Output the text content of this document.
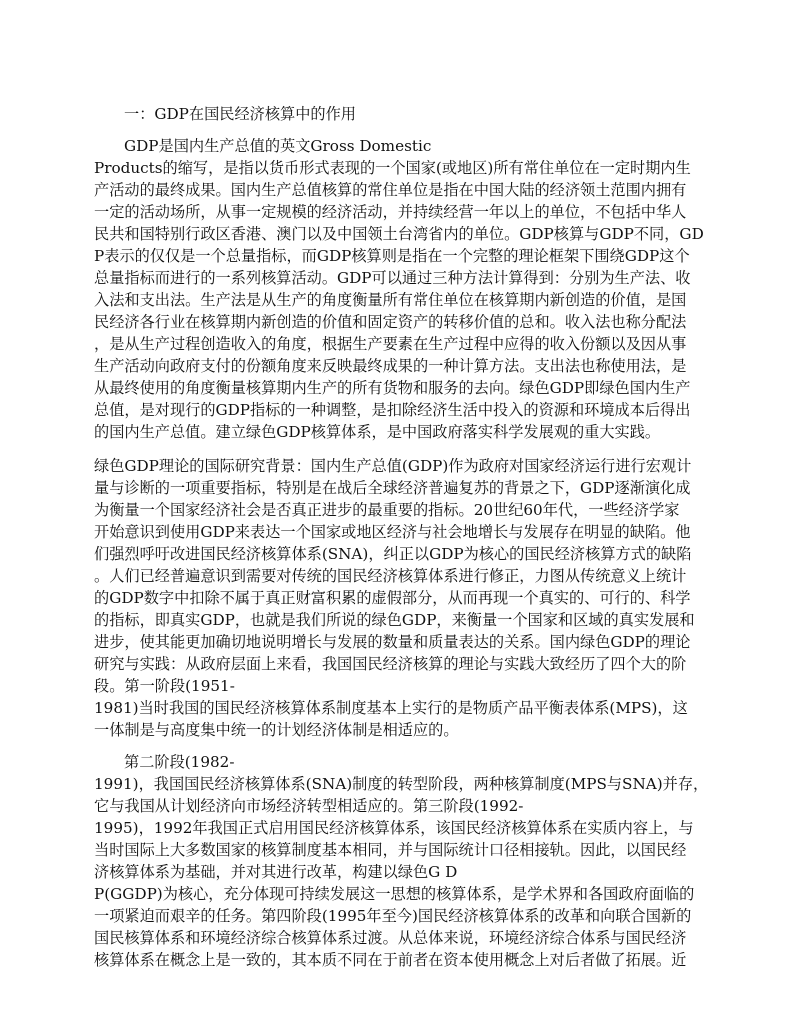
一：GDP在国民经济核算中的作用
GDP是国内生产总值的英文Gross Domestic
Products的缩写，是指以货币形式表现的一个国家(或地区)所有常住单位在一定时期内生
产活动的最终成果。国内生产总值核算的常住单位是指在中国大陆的经济领土范围内拥有
一定的活动场所，从事一定规模的经济活动，并持续经营一年以上的单位，不包括中华人
民共和国特别行政区香港、澳门以及中国领土台湾省内的单位。GDP核算与GDP不同，GD
P表示的仅仅是一个总量指标，而GDP核算则是指在一个完整的理论框架下围绕GDP这个
总量指标而进行的一系列核算活动。GDP可以通过三种方法计算得到：分别为生产法、收
入法和支出法。生产法是从生产的角度衡量所有常住单位在核算期内新创造的价值，是国
民经济各行业在核算期内新创造的价值和固定资产的转移价值的总和。收入法也称分配法
，是从生产过程创造收入的角度，根据生产要素在生产过程中应得的收入份额以及因从事
生产活动向政府支付的份额角度来反映最终成果的一种计算方法。支出法也称使用法，是
从最终使用的角度衡量核算期内生产的所有货物和服务的去向。绿色GDP即绿色国内生产
总值，是对现行的GDP指标的一种调整，是扣除经济生活中投入的资源和环境成本后得出
的国内生产总值。建立绿色GDP核算体系，是中国政府落实科学发展观的重大实践。
绿色GDP理论的国际研究背景：国内生产总值(GDP)作为政府对国家经济运行进行宏观计
量与诊断的一项重要指标，特别是在战后全球经济普遍复苏的背景之下，GDP逐渐演化成
为衡量一个国家经济社会是否真正进步的最重要的指标。20世纪60年代，一些经济学家
开始意识到使用GDP来表达一个国家或地区经济与社会地增长与发展存在明显的缺陷。他
们强烈呼吁改进国民经济核算体系(SNA)，纠正以GDP为核心的国民经济核算方式的缺陷
。人们已经普遍意识到需要对传统的国民经济核算体系进行修正，力图从传统意义上统计
的GDP数字中扣除不属于真正财富积累的虚假部分，从而再现一个真实的、可行的、科学
的指标，即真实GDP，也就是我们所说的绿色GDP，来衡量一个国家和区域的真实发展和
进步，使其能更加确切地说明增长与发展的数量和质量表达的关系。国内绿色GDP的理论
研究与实践：从政府层面上来看，我国国民经济核算的理论与实践大致经历了四个大的阶
段。第一阶段(1951-
1981)当时我国的国民经济核算体系制度基本上实行的是物质产品平衡表体系(MPS)，这
一体制是与高度集中统一的计划经济体制是相适应的。
第二阶段(1982-
1991)，我国国民经济核算体系(SNA)制度的转型阶段，两种核算制度(MPS与SNA)并存，
它与我国从计划经济向市场经济转型相适应的。第三阶段(1992-
1995)，1992年我国正式启用国民经济核算体系，该国民经济核算体系在实质内容上，与
当时国际上大多数国家的核算制度基本相同，并与国际统计口径相接轨。因此，以国民经
济核算体系为基础，并对其进行改革，构建以绿色G D
P(GGDP)为核心，充分体现可持续发展这一思想的核算体系，是学术界和各国政府面临的
一项紧迫而艰辛的任务。第四阶段(1995年至今)国民经济核算体系的改革和向联合国新的
国民核算体系和环境经济综合核算体系过渡。从总体来说，环境经济综合体系与国民经济
核算体系在概念上是一致的，其本质不同在于前者在资本使用概念上对后者做了拓展。近
